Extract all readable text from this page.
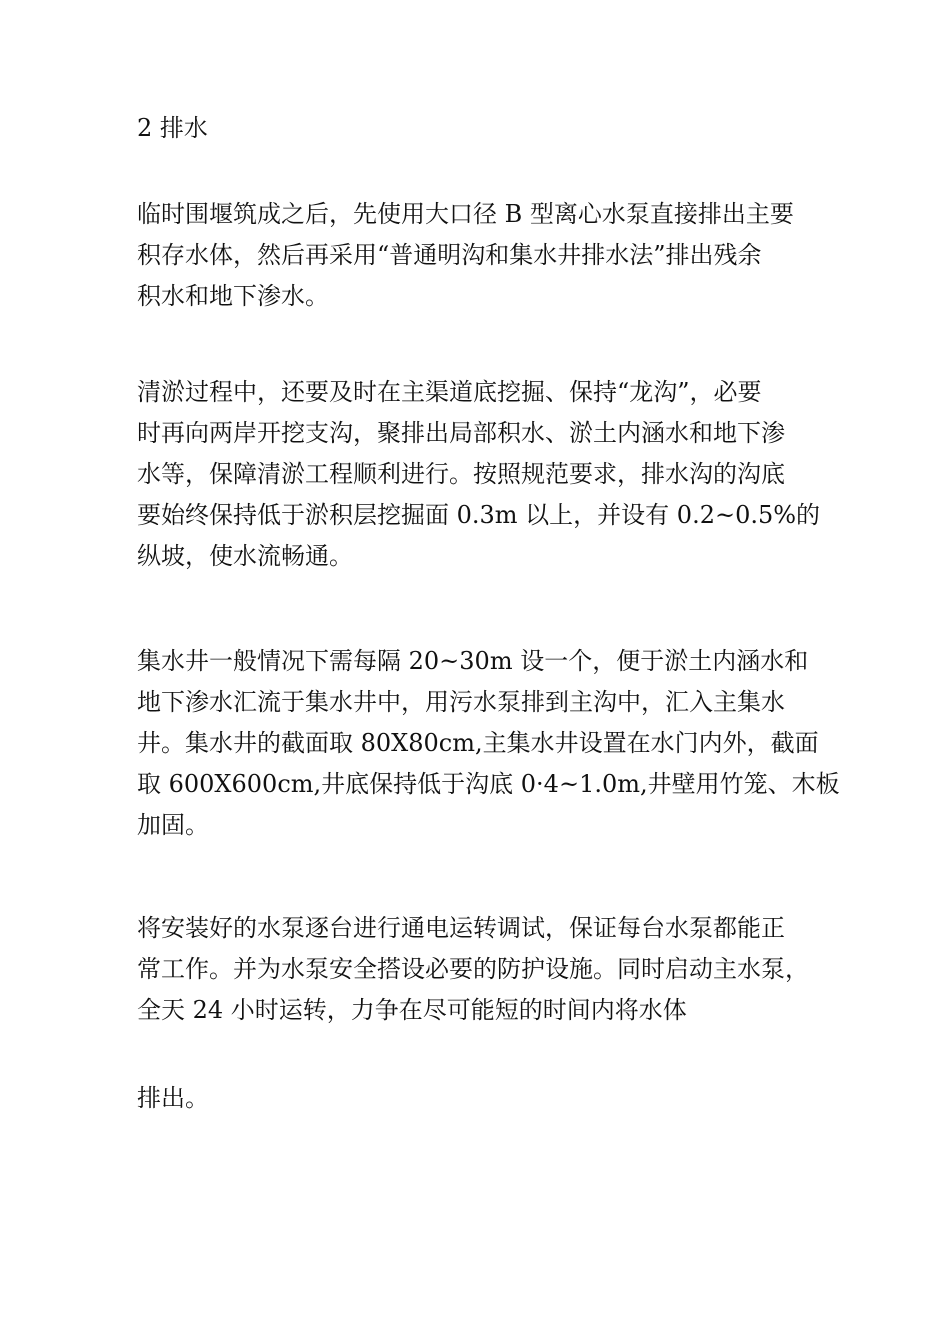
2 排水
临时围堰筑成之后，先使用大口径 B 型离心水泵直接排出主要
积存水体，然后再采用“普通明沟和集水井排水法”排出残余
积水和地下渗水。
清淤过程中，还要及时在主渠道底挖掘、保持“龙沟”，必要
时再向两岸开挖支沟，聚排出局部积水、淤土内涵水和地下渗
水等，保障清淤工程顺利进行。按照规范要求，排水沟的沟底
要始终保持低于淤积层挖掘面 0.3m 以上，并设有 0.2~0.5%的
纵坡，使水流畅通。
集水井一般情况下需每隔 20~30m 设一个，便于淤土内涵水和
地下渗水汇流于集水井中，用污水泵排到主沟中，汇入主集水
井。集水井的截面取 80X80cm,主集水井设置在水门内外，截面
取 600X600cm,井底保持低于沟底 0·4~1.0m,井壁用竹笼、木板
加固。
将安装好的水泵逐台进行通电运转调试，保证每台水泵都能正
常工作。并为水泵安全搭设必要的防护设施。同时启动主水泵，
全天 24 小时运转，力争在尽可能短的时间内将水体
排出。
